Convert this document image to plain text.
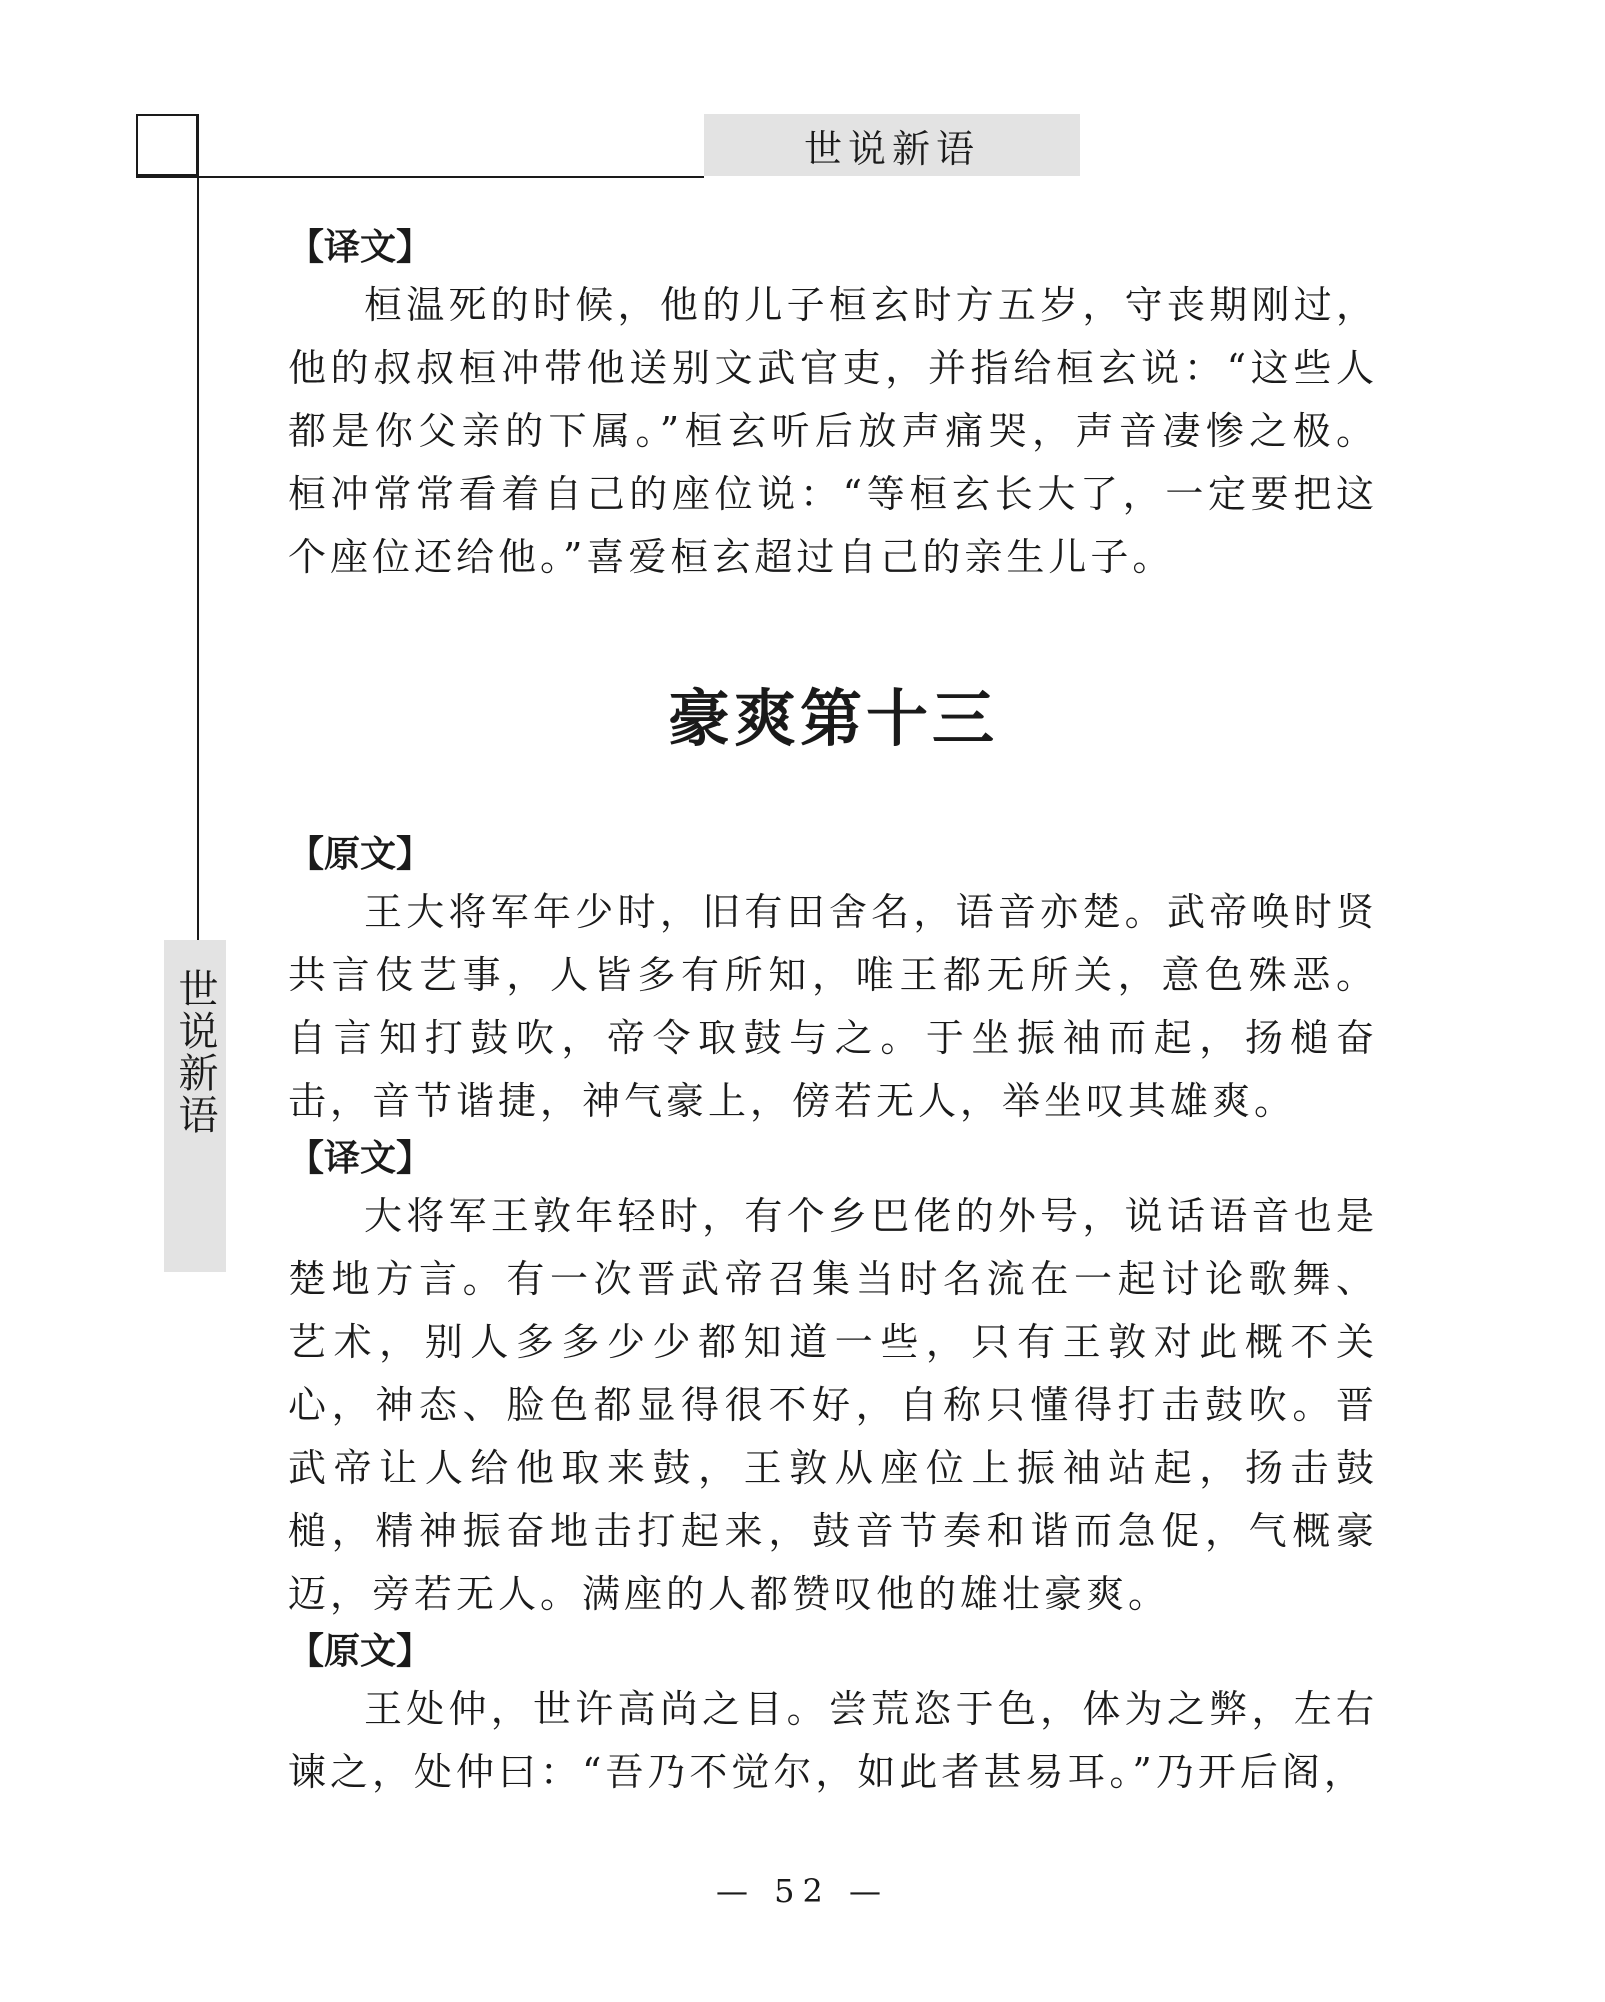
世说新语
世说新语

【译文】

桓温死的时候，他的儿子桓玄时方五岁，守丧期刚过，他的叔叔桓冲带他送别文武官吏，并指给桓玄说：“这些人都是你父亲的下属。”桓玄听后放声痛哭，声音凄惨之极。桓冲常常看着自己的座位说：“等桓玄长大了，一定要把这个座位还给他。”喜爱桓玄超过自己的亲生儿子。

豪爽第十三

【原文】

王大将军年少时，旧有田舍名，语音亦楚。武帝唤时贤共言伎艺事，人皆多有所知，唯王都无所关，意色殊恶。自言知打鼓吹，帝令取鼓与之。于坐振袖而起，扬槌奋击，音节谐捷，神气豪上，傍若无人，举坐叹其雄爽。

【译文】

大将军王敦年轻时，有个乡巴佬的外号，说话语音也是楚地方言。有一次晋武帝召集当时名流在一起讨论歌舞、艺术，别人多多少少都知道一些，只有王敦对此概不关心，神态、脸色都显得很不好，自称只懂得打击鼓吹。晋武帝让人给他取来鼓，王敦从座位上振袖站起，扬击鼓槌，精神振奋地击打起来，鼓音节奏和谐而急促，气概豪迈，旁若无人。满座的人都赞叹他的雄壮豪爽。

【原文】

王处仲，世许高尚之目。尝荒恣于色，体为之弊，左右谏之，处仲曰：“吾乃不觉尔，如此者甚易耳。”乃开后阁，

— 52 —
